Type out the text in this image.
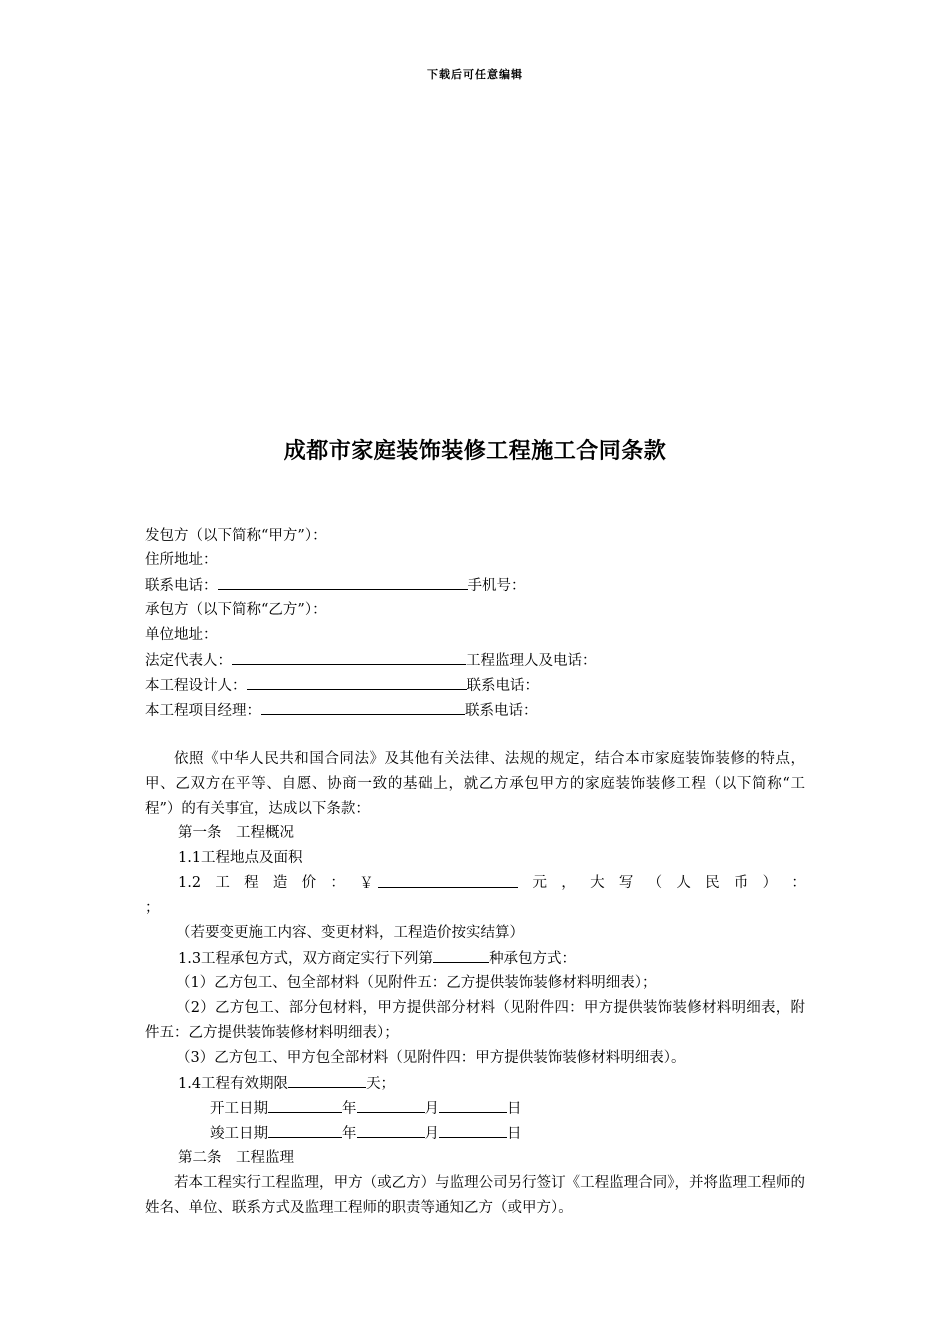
下载后可任意编辑
成都市家庭装饰装修工程施工合同条款
发包方（以下简称“甲方”）：
住所地址：
联系电话：	手机号：
承包方（以下简称“乙方”）：
单位地址：
法定代表人：	工程监理人及电话：
本工程设计人：	联系电话：
本工程项目经理：	联系电话：
依照《中华人民共和国合同法》及其他有关法律、法规的规定，结合本市家庭装饰装修的特点，甲、乙双方在平等、自愿、协商一致的基础上，就乙方承包甲方的家庭装饰装修工程（以下简称“工程”）的有关事宜，达成以下条款：
第一条　工程概况
1.1工程地点及面积
1.2 工 程 造 价 ： ￥	元 ， 大 写 （ 人 民 币 ） ：
；
（若要变更施工内容、变更材料，工程造价按实结算）
1.3工程承包方式，双方商定实行下列第	种承包方式：
（1）乙方包工、包全部材料（见附件五：乙方提供装饰装修材料明细表）；
（2）乙方包工、部分包材料，甲方提供部分材料（见附件四：甲方提供装饰装修材料明细表，附件五：乙方提供装饰装修材料明细表）；
（3）乙方包工、甲方包全部材料（见附件四：甲方提供装饰装修材料明细表）。
1.4工程有效期限	天；
开工日期	年	月	日
竣工日期	年	月	日
第二条　工程监理
若本工程实行工程监理，甲方（或乙方）与监理公司另行签订《工程监理合同》，并将监理工程师的姓名、单位、联系方式及监理工程师的职责等通知乙方（或甲方）。
